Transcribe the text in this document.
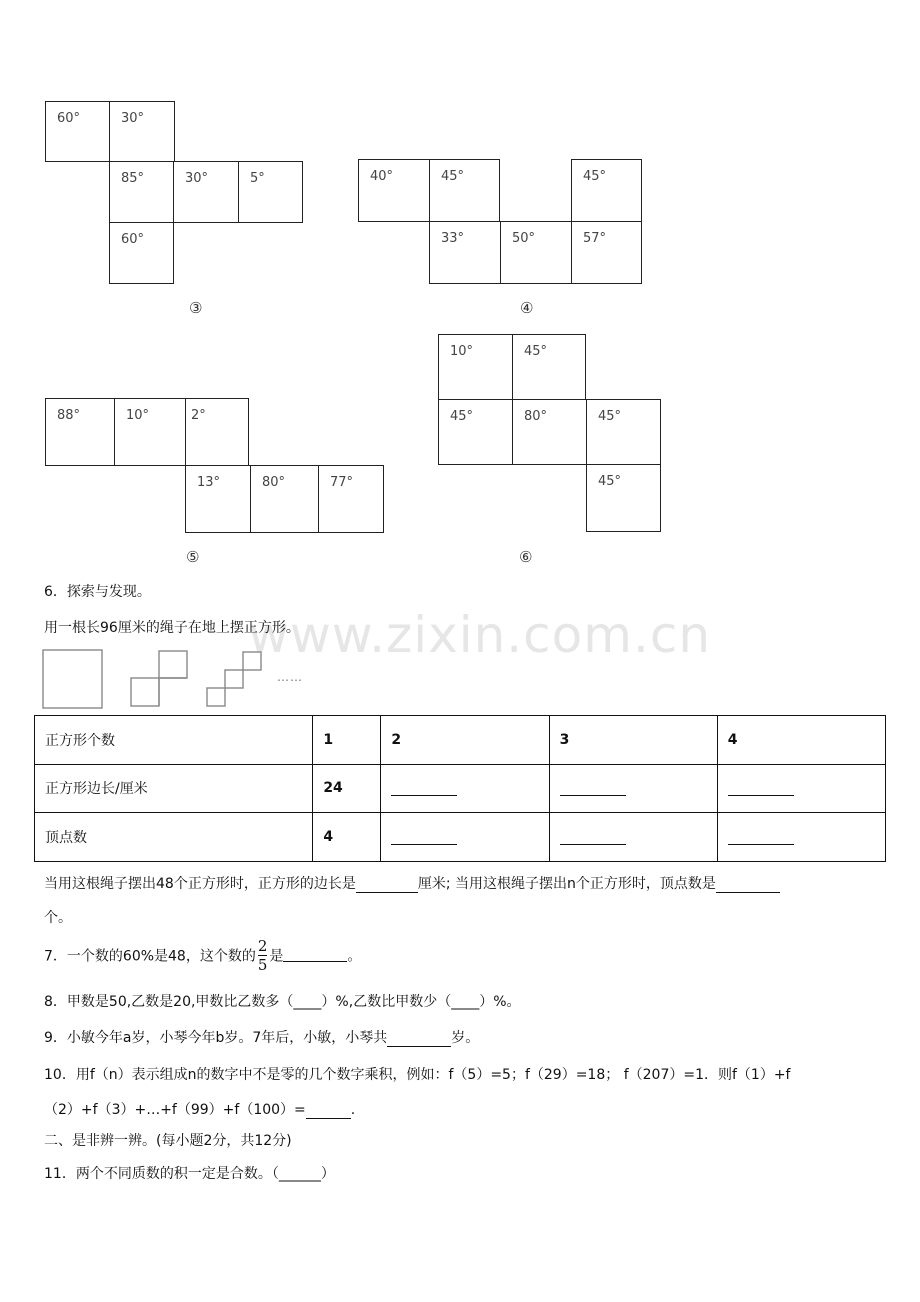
60°	30°
85°	30°	5°
60°
③
40°	45°	45°
33°	50°	57°
④
88°	10°	2°
13°	80°	77°
⑤
10°	45°
45°	80°	45°
45°
⑥
www.zixin.com.cn
6．探索与发现。
用一根长96厘米的绳子在地上摆正方形。
……
正方形个数	1	2	3	4
正方形边长/厘米	24			
顶点数	4			
当用这根绳子摆出48个正方形时，正方形的边长是	厘米; 当用这根绳子摆出n个正方形时，顶点数是
个。
7．一个数的60%是48，这个数的 $\frac{2}{5}$ 是	。
8．甲数是50,乙数是20,甲数比乙数多（____）%,乙数比甲数少（____）%。
9．小敏今年a岁，小琴今年b岁。7年后，小敏，小琴共	岁。
10．用f（n）表示组成n的数字中不是零的几个数字乘积，例如：f（5）=5；f（29）=18； f（207）=1．则f（1）+f
（2）+f（3）+…+f（99）+f（100）=	.
二、是非辨一辨。(每小题2分，共12分)
11．两个不同质数的积一定是合数。（______）
